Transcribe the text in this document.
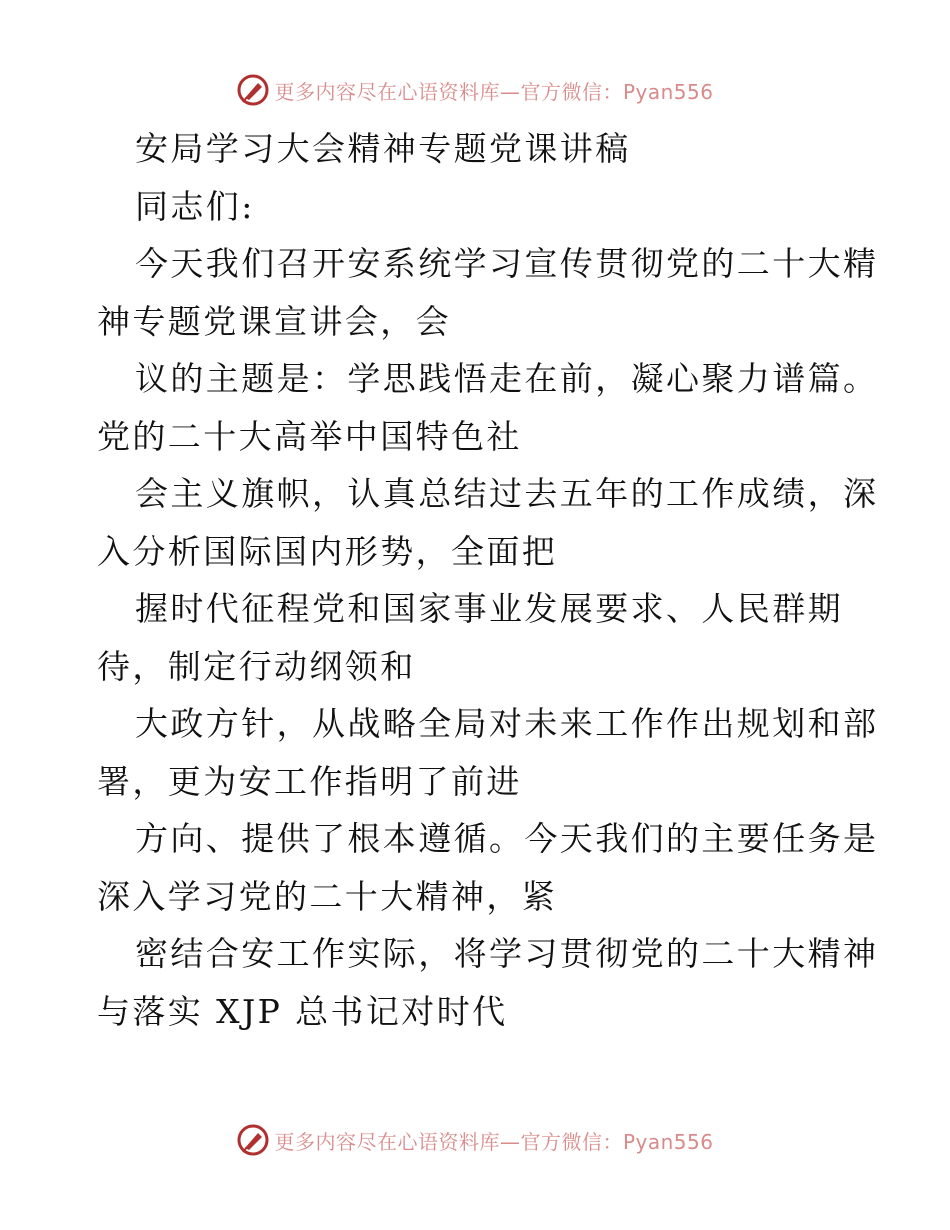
更多内容尽在心语资料库—官方微信：Pyan556
安局学习大会精神专题党课讲稿
同志们:
今天我们召开安系统学习宣传贯彻党的二十大精
神专题党课宣讲会，会
议的主题是：学思践悟走在前，凝心聚力谱篇。
党的二十大高举中国特色社
会主义旗帜，认真总结过去五年的工作成绩，深
入分析国际国内形势，全面把
握时代征程党和国家事业发展要求、人民群期
待，制定行动纲领和
大政方针，从战略全局对未来工作作出规划和部
署，更为安工作指明了前进
方向、提供了根本遵循。今天我们的主要任务是
深入学习党的二十大精神，紧
密结合安工作实际，将学习贯彻党的二十大精神
与落实 XJP 总书记对时代
更多内容尽在心语资料库—官方微信：Pyan556
